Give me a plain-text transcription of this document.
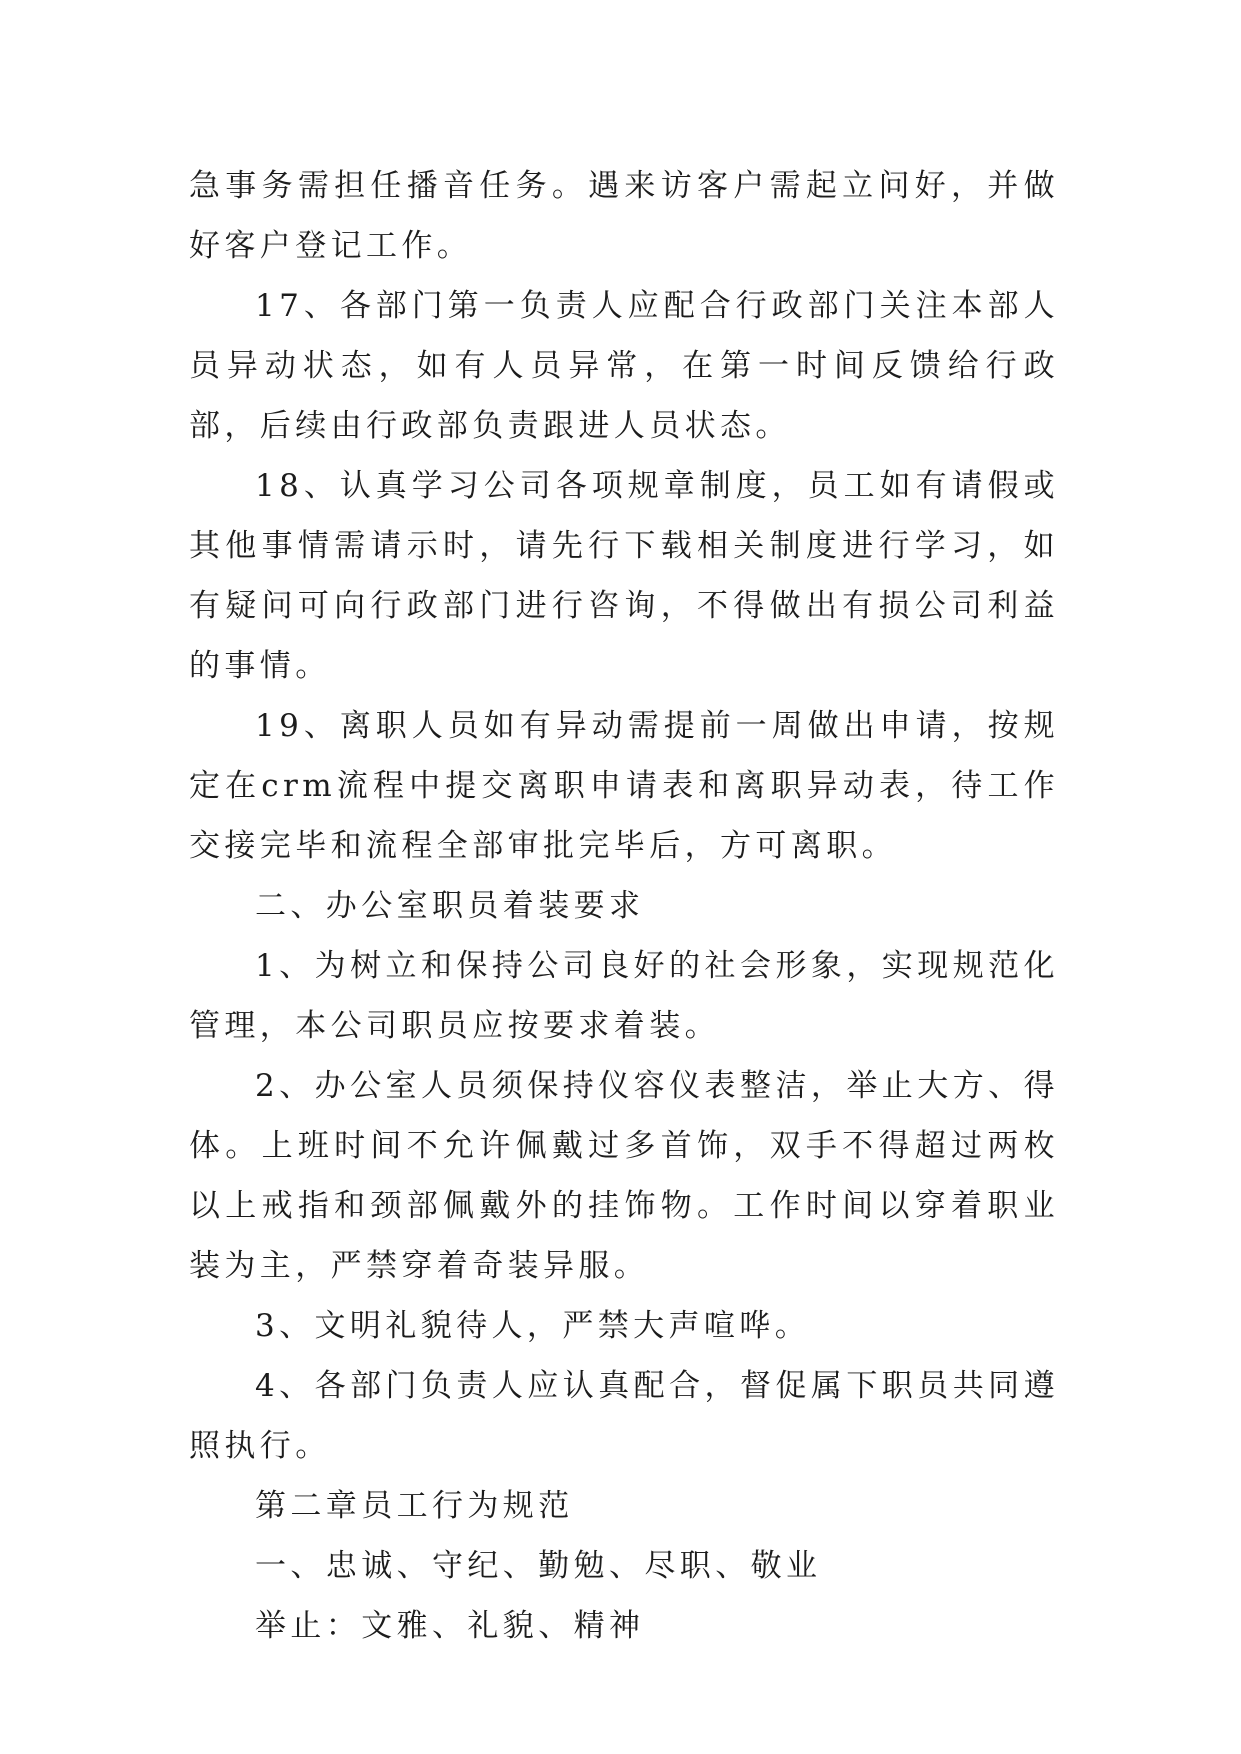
急事务需担任播音任务。遇来访客户需起立问好，并做好客户登记工作。

17、各部门第一负责人应配合行政部门关注本部人员异动状态，如有人员异常，在第一时间反馈给行政部，后续由行政部负责跟进人员状态。

18、认真学习公司各项规章制度，员工如有请假或其他事情需请示时，请先行下载相关制度进行学习，如有疑问可向行政部门进行咨询，不得做出有损公司利益的事情。

19、离职人员如有异动需提前一周做出申请，按规定在crm流程中提交离职申请表和离职异动表，待工作交接完毕和流程全部审批完毕后，方可离职。

二、办公室职员着装要求

1、为树立和保持公司良好的社会形象，实现规范化管理，本公司职员应按要求着装。

2、办公室人员须保持仪容仪表整洁，举止大方、得体。上班时间不允许佩戴过多首饰，双手不得超过两枚以上戒指和颈部佩戴外的挂饰物。工作时间以穿着职业装为主，严禁穿着奇装异服。

3、文明礼貌待人，严禁大声喧哗。

4、各部门负责人应认真配合，督促属下职员共同遵照执行。

第二章员工行为规范

一、忠诚、守纪、勤勉、尽职、敬业

举止：文雅、礼貌、精神
